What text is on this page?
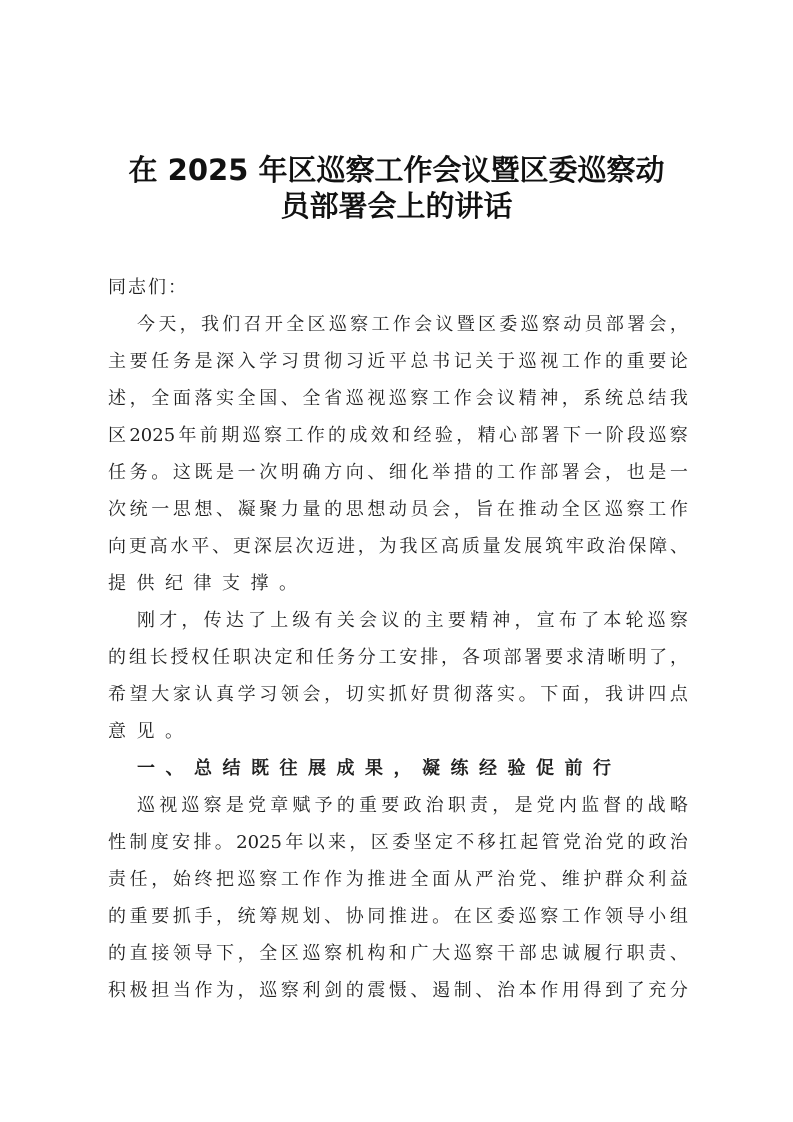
在 2025 年区巡察工作会议暨区委巡察动
员部署会上的讲话
同志们：
今 天 ， 我 们 召 开 全 区 巡 察 工 作 会 议 暨 区 委 巡 察 动 员 部 署 会 ，
主 要 任 务 是 深 入 学 习 贯 彻 习 近 平 总 书 记 关 于 巡 视 工 作 的 重 要 论
述 ， 全 面 落 实 全 国 、 全 省 巡 视 巡 察 工 作 会 议 精 神 ， 系 统 总 结 我
区 2025 年 前 期 巡 察 工 作 的 成 效 和 经 验 ， 精 心 部 署 下 一 阶 段 巡 察
任 务 。 这 既 是 一 次 明 确 方 向 、 细 化 举 措 的 工 作 部 署 会 ， 也 是 一
次 统 一 思 想 、 凝 聚 力 量 的 思 想 动 员 会 ， 旨 在 推 动 全 区 巡 察 工 作
向 更 高 水 平 、 更 深 层 次 迈 进 ， 为 我 区 高 质 量 发 展 筑 牢 政 治 保 障 、
提供纪律支撑。
刚 才 ， 传 达 了 上 级 有 关 会 议 的 主 要 精 神 ， 宣 布 了 本 轮 巡 察
的 组 长 授 权 任 职 决 定 和 任 务 分 工 安 排 ， 各 项 部 署 要 求 清 晰 明 了 ，
希 望 大 家 认 真 学 习 领 会 ， 切 实 抓 好 贯 彻 落 实 。 下 面 ， 我 讲 四 点
意见。
一、总结既往展成果，凝练经验促前行
巡 视 巡 察 是 党 章 赋 予 的 重 要 政 治 职 责 ， 是 党 内 监 督 的 战 略
性 制 度 安 排 。 2025 年 以 来 ， 区 委 坚 定 不 移 扛 起 管 党 治 党 的 政 治
责 任 ， 始 终 把 巡 察 工 作 作 为 推 进 全 面 从 严 治 党 、 维 护 群 众 利 益
的 重 要 抓 手 ， 统 筹 规 划 、 协 同 推 进 。 在 区 委 巡 察 工 作 领 导 小 组
的 直 接 领 导 下 ， 全 区 巡 察 机 构 和 广 大 巡 察 干 部 忠 诚 履 行 职 责 、
积 极 担 当 作 为 ， 巡 察 利 剑 的 震 慑 、 遏 制 、 治 本 作 用 得 到 了 充 分
